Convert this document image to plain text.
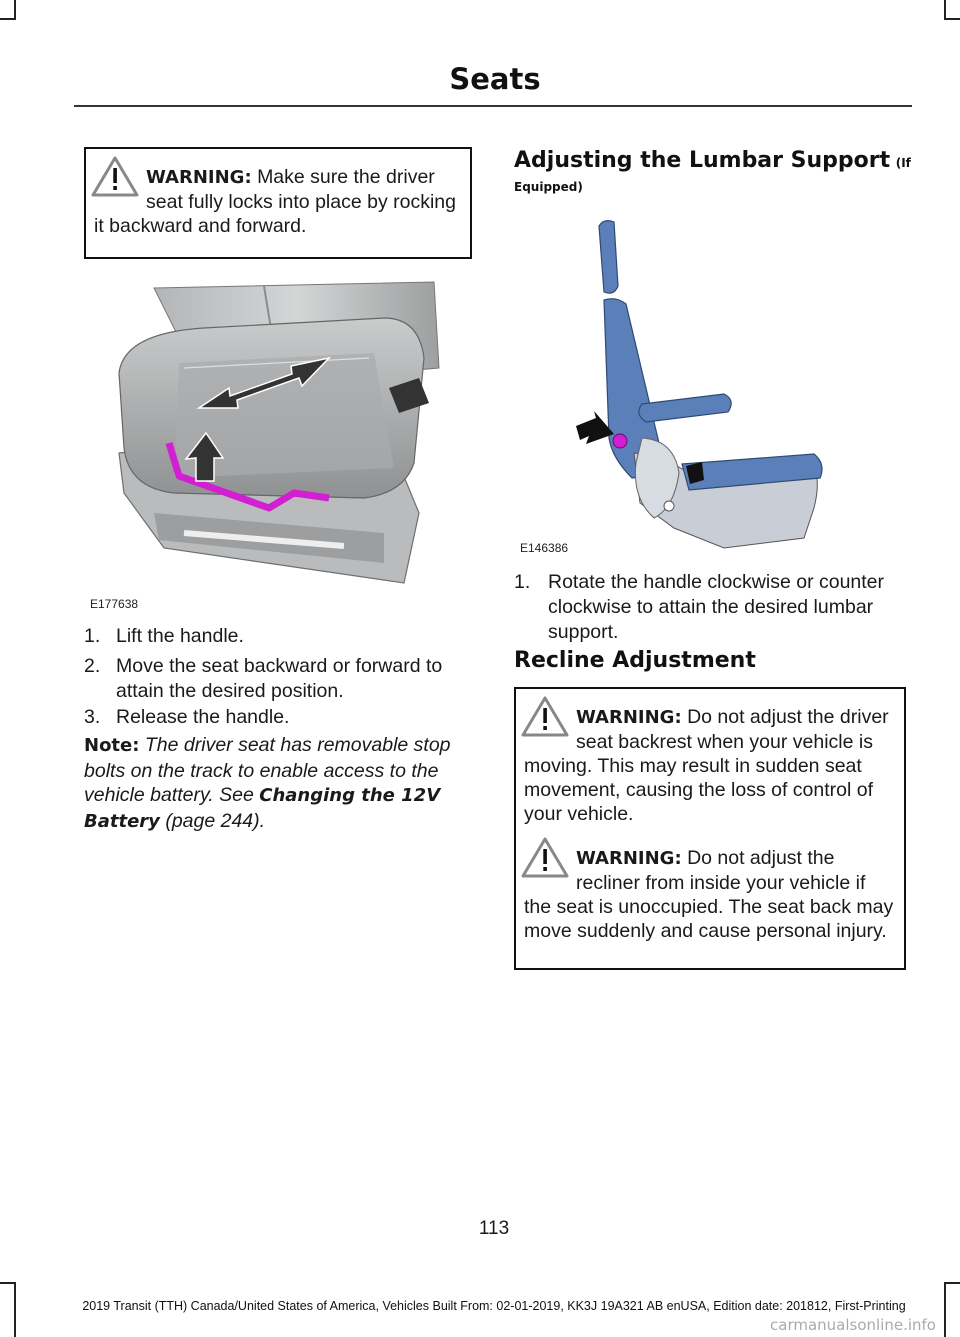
Seats
WARNING: Make sure the driver seat fully locks into place by rocking it backward and forward.
E177638
1. Lift the handle.
2. Move the seat backward or forward to attain the desired position.
3. Release the handle.
Note: The driver seat has removable stop bolts on the track to enable access to the vehicle battery. See Changing the 12V Battery (page 244).
Adjusting the Lumbar Support (If
Equipped)
E146386
1. Rotate the handle clockwise or counter clockwise to attain the desired lumbar support.
Recline Adjustment
WARNING: Do not adjust the driver seat backrest when your vehicle is moving. This may result in sudden seat movement, causing the loss of control of your vehicle.
WARNING: Do not adjust the recliner from inside your vehicle if the seat is unoccupied. The seat back may move suddenly and cause personal injury.
113
2019 Transit (TTH) Canada/United States of America, Vehicles Built From: 02-01-2019, KK3J 19A321 AB enUSA, Edition date: 201812, First-Printing
carmanualsonline.info
